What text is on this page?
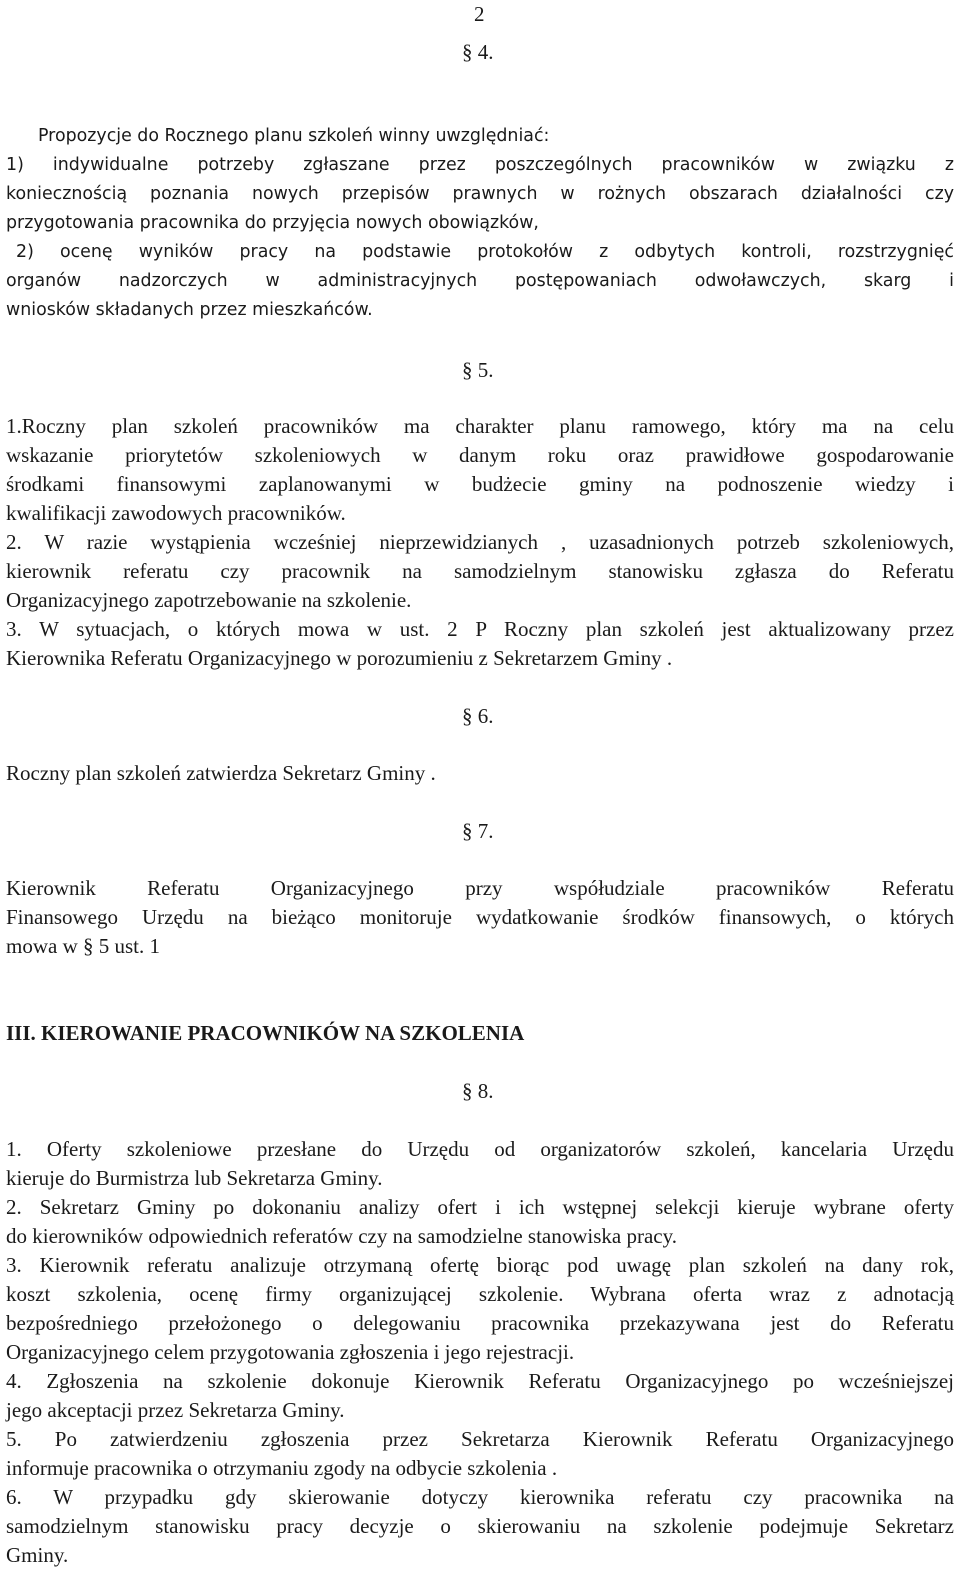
2
§ 4.
Propozycje do Rocznego planu szkoleń winny uwzględniać:
1) indywidualne potrzeby zgłaszane przez poszczególnych pracowników w związku z
koniecznością poznania nowych przepisów prawnych w rożnych obszarach działalności czy
przygotowania pracownika do przyjęcia nowych obowiązków,
2) ocenę wyników pracy na podstawie protokołów z odbytych kontroli, rozstrzygnięć
organów nadzorczych w administracyjnych postępowaniach odwoławczych, skarg i
wniosków składanych przez mieszkańców.
§ 5.
1.Roczny plan szkoleń pracowników ma charakter planu ramowego, który ma na celu
wskazanie priorytetów szkoleniowych w danym roku oraz prawidłowe gospodarowanie
środkami finansowymi zaplanowanymi w budżecie gminy na podnoszenie wiedzy i
kwalifikacji zawodowych pracowników.
2. W razie wystąpienia wcześniej nieprzewidzianych , uzasadnionych potrzeb szkoleniowych,
kierownik referatu czy pracownik na samodzielnym stanowisku zgłasza do Referatu
Organizacyjnego zapotrzebowanie na szkolenie.
3. W sytuacjach, o których mowa w ust. 2 P Roczny plan szkoleń jest aktualizowany przez
Kierownika Referatu Organizacyjnego w porozumieniu z Sekretarzem Gminy .
§ 6.
Roczny plan szkoleń zatwierdza Sekretarz Gminy .
§ 7.
Kierownik Referatu Organizacyjnego przy współudziale pracowników Referatu
Finansowego Urzędu na bieżąco monitoruje wydatkowanie środków finansowych, o których
mowa w § 5 ust. 1
III. KIEROWANIE PRACOWNIKÓW NA SZKOLENIA
§ 8.
1. Oferty szkoleniowe przesłane do Urzędu od organizatorów szkoleń, kancelaria Urzędu
kieruje do Burmistrza lub Sekretarza Gminy.
2. Sekretarz Gminy po dokonaniu analizy ofert i ich wstępnej selekcji kieruje wybrane oferty
do kierowników odpowiednich referatów czy na samodzielne stanowiska pracy.
3. Kierownik referatu analizuje otrzymaną ofertę biorąc pod uwagę plan szkoleń na dany rok,
koszt szkolenia, ocenę firmy organizującej szkolenie. Wybrana oferta wraz z adnotacją
bezpośredniego przełożonego o delegowaniu pracownika przekazywana jest do Referatu
Organizacyjnego celem przygotowania zgłoszenia i jego rejestracji.
4. Zgłoszenia na szkolenie dokonuje Kierownik Referatu Organizacyjnego po wcześniejszej
jego akceptacji przez Sekretarza Gminy.
5. Po zatwierdzeniu zgłoszenia przez Sekretarza Kierownik Referatu Organizacyjnego
informuje pracownika o otrzymaniu zgody na odbycie szkolenia .
6. W przypadku gdy skierowanie dotyczy kierownika referatu czy pracownika na
samodzielnym stanowisku pracy decyzje o skierowaniu na szkolenie podejmuje Sekretarz
Gminy.
